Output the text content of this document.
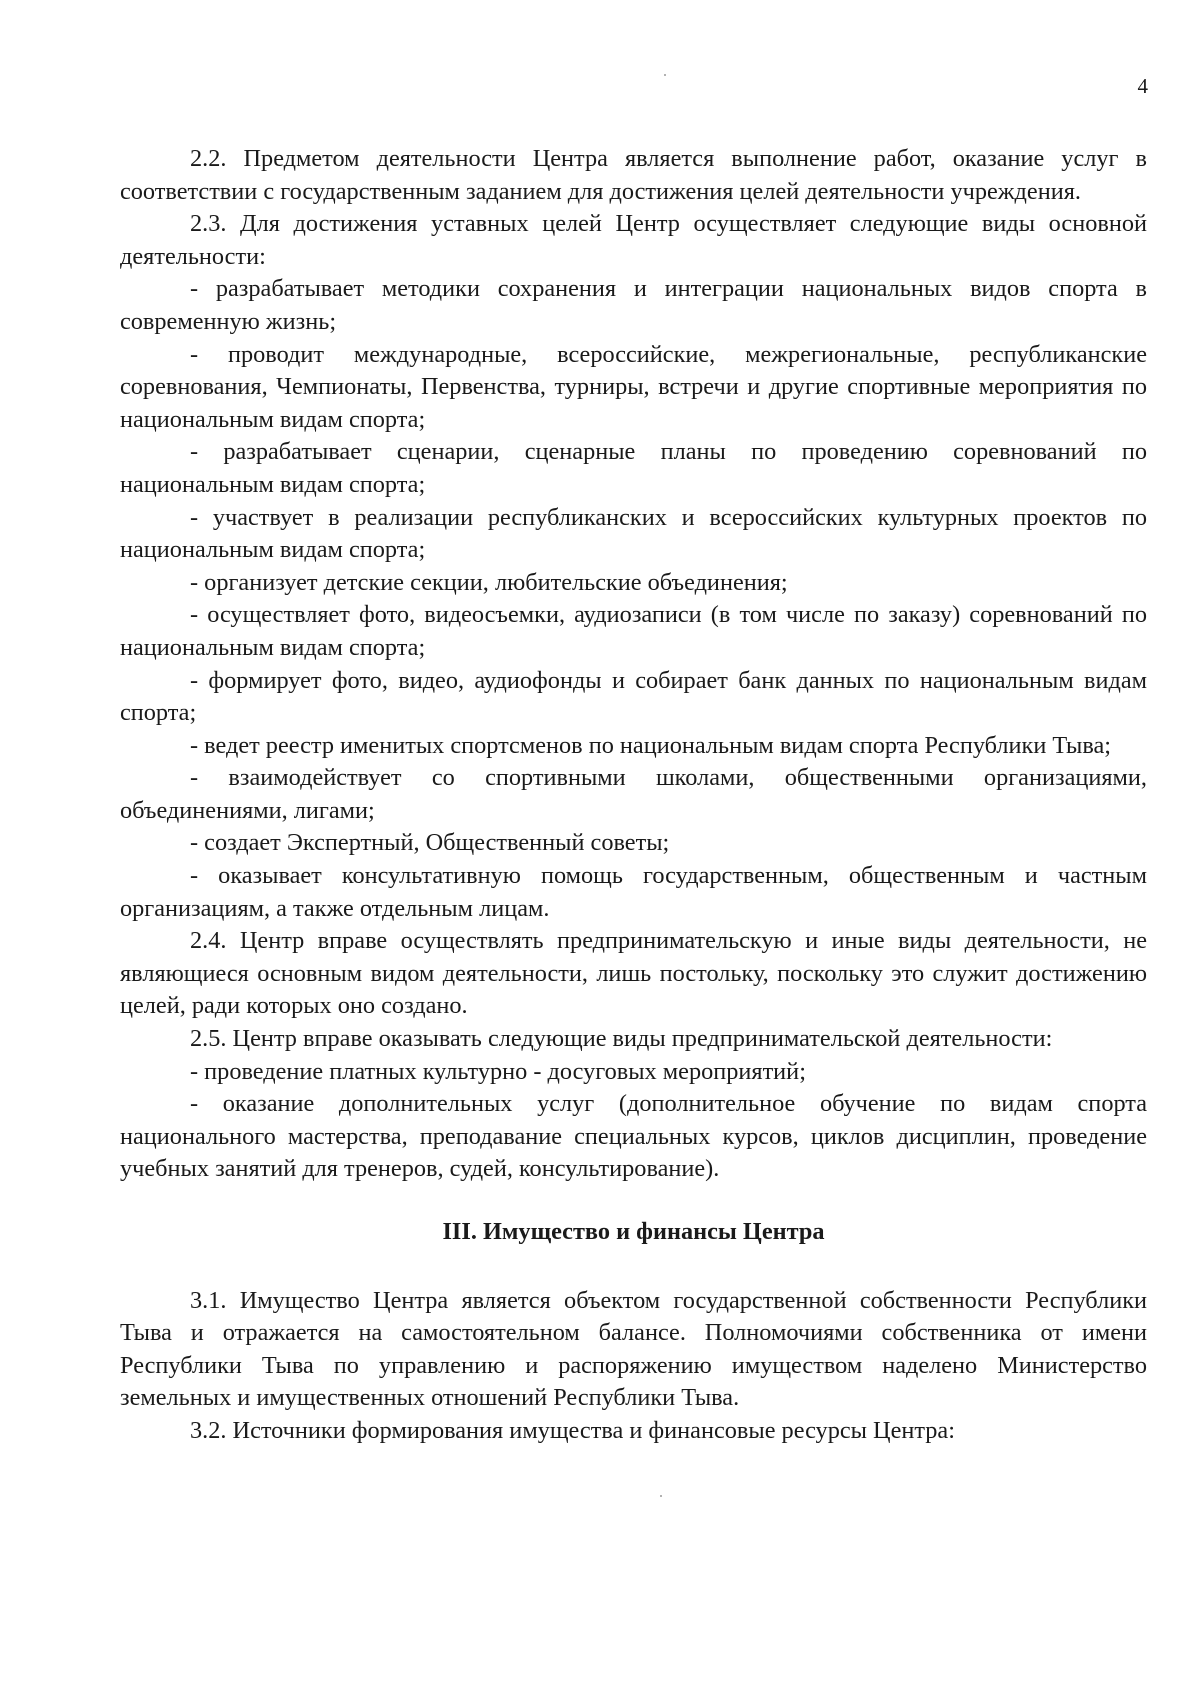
4

2.2. Предметом деятельности Центра является выполнение работ, оказание услуг в соответствии с государственным заданием для достижения целей деятельности учреждения.

2.3. Для достижения уставных целей Центр осуществляет следующие виды основной деятельности:

- разрабатывает методики сохранения и интеграции национальных видов спорта в современную жизнь;

- проводит международные, всероссийские, межрегиональные, республиканские соревнования, Чемпионаты, Первенства, турниры, встречи и другие спортивные мероприятия по национальным видам спорта;

- разрабатывает сценарии, сценарные планы по проведению соревнований по национальным видам спорта;

- участвует в реализации республиканских и всероссийских культурных проектов по национальным видам спорта;

- организует детские секции, любительские объединения;

- осуществляет фото, видеосъемки, аудиозаписи (в том числе по заказу) соревнований по национальным видам спорта;

- формирует фото, видео, аудиофонды и собирает банк данных по национальным видам спорта;

- ведет реестр именитых спортсменов по национальным видам спорта Республики Тыва;

- взаимодействует со спортивными школами, общественными организациями, объединениями, лигами;

- создает Экспертный, Общественный советы;

- оказывает консультативную помощь государственным, общественным и частным организациям, а также отдельным лицам.

2.4. Центр вправе осуществлять предпринимательскую и иные виды деятельности, не являющиеся основным видом деятельности, лишь постольку, поскольку это служит достижению целей, ради которых оно создано.

2.5. Центр вправе оказывать следующие виды предпринимательской деятельности:

- проведение платных культурно - досуговых мероприятий;

- оказание дополнительных услуг (дополнительное обучение по видам спорта национального мастерства, преподавание специальных курсов, циклов дисциплин, проведение учебных занятий для тренеров, судей, консультирование).

III. Имущество и финансы Центра

3.1. Имущество Центра является объектом государственной собственности Республики Тыва и отражается на самостоятельном балансе. Полномочиями собственника от имени Республики Тыва по управлению и распоряжению имуществом наделено Министерство земельных и имущественных отношений Республики Тыва.

3.2. Источники формирования имущества и финансовые ресурсы Центра:
